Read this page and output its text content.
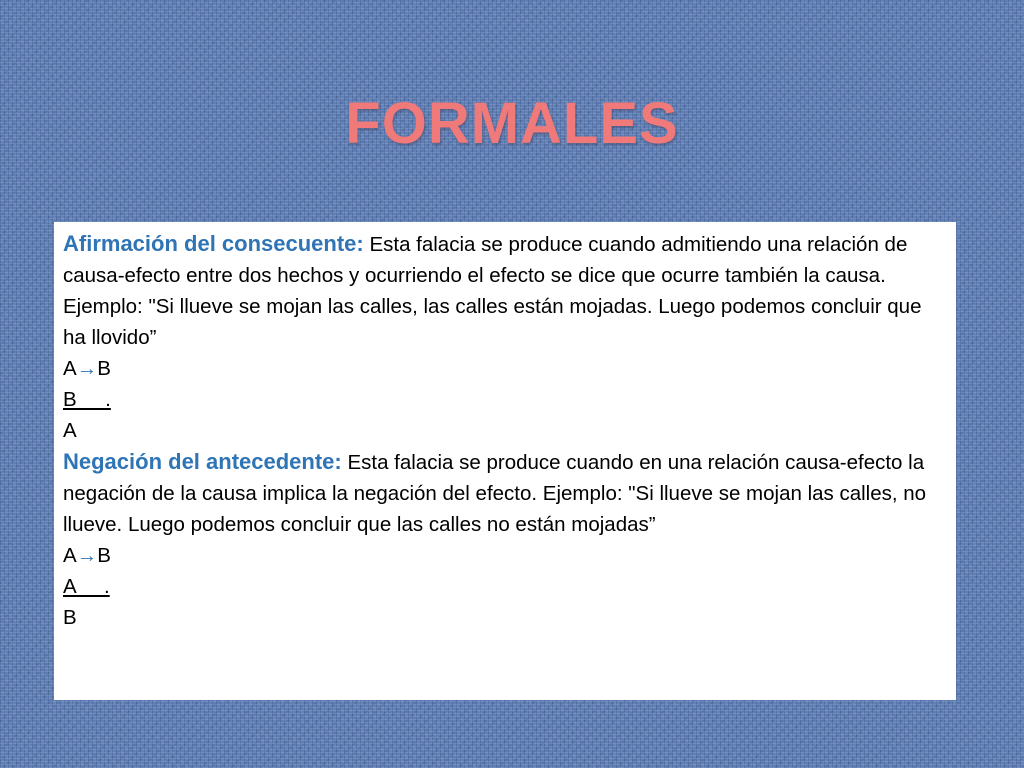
FORMALES

Afirmación del consecuente: Esta falacia se produce cuando admitiendo una relación de causa-efecto entre dos hechos y ocurriendo el efecto se dice que ocurre también la causa. Ejemplo: "Si llueve se mojan las calles, las calles están mojadas. Luego podemos concluir que ha llovido”

A→B
B     .
A

Negación del antecedente: Esta falacia se produce cuando en una relación causa-efecto la negación de la causa implica la negación del efecto. Ejemplo: "Si llueve se mojan las calles, no llueve. Luego podemos concluir que las calles no están mojadas”

A→B
A     .
B
